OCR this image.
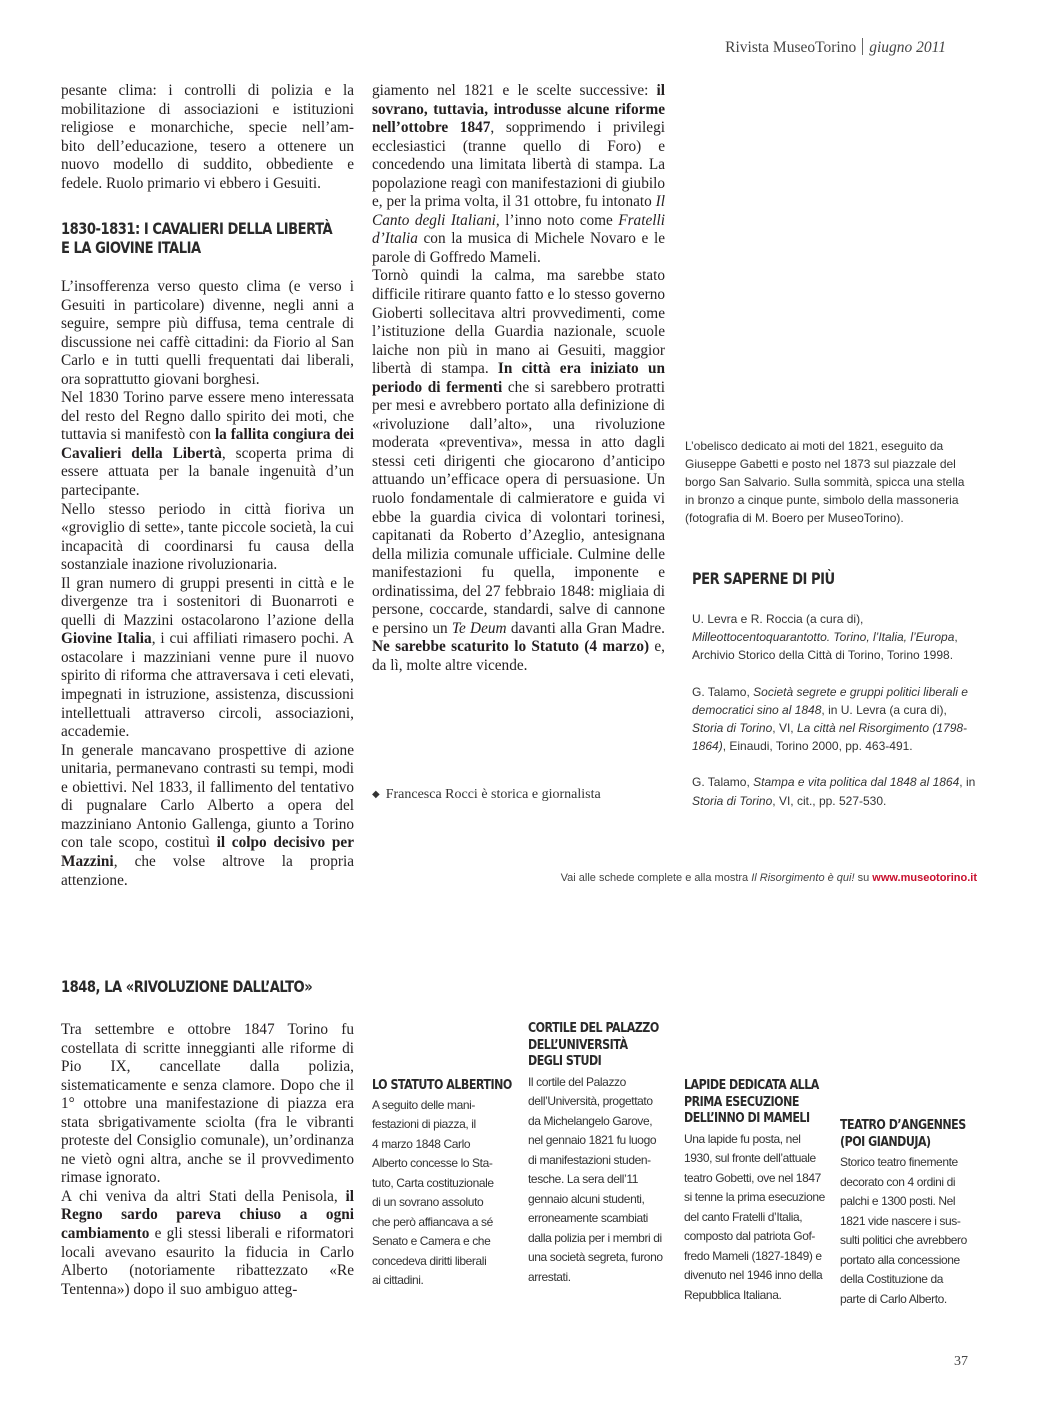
Rivista MuseoTorino giugno 2011

pesante clima: i controlli di polizia e la
mobilitazione di associazioni e istituzioni
religiose e monarchiche, specie nell’am-
bito dell’educazione, tesero a ottenere un
nuovo modello di suddito, obbediente e

fedele. Ruolo primario vi ebbero i Gesuiti.

1830-1831: I CAVALIERI DELLA LIBERTÀ
E LA GIOVINE ITALIA

L’insofferenza verso questo clima (e verso i Gesuiti in particolare) divenne, negli anni a seguire, sempre più diffusa, tema centrale di discussione nei caffè cittadini: da Fiorio al San Carlo e in tutti quelli frequentati dai liberali, ora soprattutto giovani borghesi.

Nel 1830 Torino parve essere meno interessata del resto del Regno dallo spirito dei moti, che tuttavia si manifestò con la fallita congiura dei Cavalieri della Libertà, scoperta prima di essere attuata per la banale ingenuità d’un partecipante.

Nello stesso periodo in città fioriva un «groviglio di sette», tante piccole società, la cui incapacità di coordinarsi fu causa della sostanziale inazione rivoluzionaria.

Il gran numero di gruppi presenti in città e le divergenze tra i sostenitori di Buonarroti e quelli di Mazzini ostacolarono l’azione della Giovine Italia, i cui affiliati rimasero pochi. A ostacolare i mazziniani venne pure il nuovo spirito di riforma che attraversava i ceti elevati, impegnati in istruzione, assistenza, discussioni intellettuali attraverso circoli, associazioni, accademie.

In generale mancavano prospettive di azione unitaria, permanevano contrasti su tempi, modi e obiettivi. Nel 1833, il fallimento del tentativo di pugnalare Carlo Alberto a opera del mazziniano Antonio Gallenga, giunto a Torino con tale scopo, costituì il colpo decisivo per Mazzini, che volse altrove la propria attenzione.

1848, LA «RIVOLUZIONE DALL’ALTO»

Tra settembre e ottobre 1847 Torino fu costellata di scritte inneggianti alle riforme di Pio IX, cancellate dalla polizia, sistematicamente e senza clamore. Dopo che il 1° ottobre una manifestazione di piazza era stata sbrigativamente sciolta (fra le vibranti proteste del Consiglio comunale), un’ordinanza ne vietò ogni altra, anche se il provvedimento rimase ignorato.

A chi veniva da altri Stati della Penisola, il Regno sardo pareva chiuso a ogni cambiamento e gli stessi liberali e riformatori locali avevano esaurito la fiducia in Carlo Alberto (notoriamente ribattezzato «Re Tentenna») dopo il suo ambiguo atteg-

giamento nel 1821 e le scelte successive: il sovrano, tuttavia, introdusse alcune riforme nell’ottobre 1847, sopprimendo i privilegi ecclesiastici (tranne quello di Foro) e concedendo una limitata libertà di stampa. La popolazione reagì con manifestazioni di giubilo e, per la prima volta, il 31 ottobre, fu intonato Il Canto degli Italiani, l’inno noto come Fratelli d’Italia con la musica di Michele Novaro e le parole di Goffredo Mameli.

Tornò quindi la calma, ma sarebbe stato difficile ritirare quanto fatto e lo stesso governo Gioberti sollecitava altri provvedimenti, come l’istituzione della Guardia nazionale, scuole laiche non più in mano ai Gesuiti, maggior libertà di stampa. In città era iniziato un periodo di fermenti che si sarebbero protratti per mesi e avrebbero portato alla definizione di «rivoluzione dall’alto», una rivoluzione moderata «preventiva», messa in atto dagli stessi ceti dirigenti che giocarono d’anticipo attuando un’efficace opera di persuasione. Un ruolo fondamentale di calmieratore e guida vi ebbe la guardia civica di volontari torinesi, capitanati da Roberto d’Azeglio, antesignana della milizia comunale ufficiale. Culmine delle manifestazioni fu quella, imponente e ordinatissima, del 27 febbraio 1848: migliaia di persone, coccarde, standardi, salve di cannone e persino un Te Deum davanti alla Gran Madre. Ne sarebbe scaturito lo Statuto (4 marzo) e, da lì, molte altre vicende.

◆ Francesca Rocci è storica e giornalista
L’obelisco dedicato ai moti del 1821, eseguito da
Giuseppe Gabetti e posto nel 1873 sul piazzale del
borgo San Salvario. Sulla sommità, spicca una stella
in bronzo a cinque punte, simbolo della massoneria
(fotografia di M. Boero per MuseoTorino).
PER SAPERNE DI PIÙ

U. Levra e R. Roccia (a cura di), Milleottocentoquarantotto. Torino, l’Italia, l’Europa, Archivio Storico della Città di Torino, Torino 1998.

G. Talamo, Società segrete e gruppi politici liberali e democratici sino al 1848, in U. Levra (a cura di), Storia di Torino, VI, La città nel Risorgimento (1798-1864), Einaudi, Torino 2000, pp. 463-491.

G. Talamo, Stampa e vita politica dal 1848 al 1864, in Storia di Torino, VI, cit., pp. 527-530.

Vai alle schede complete e alla mostra Il Risorgimento è qui! su www.museotorino.it
LO STATUTO ALBERTINO
A seguito delle mani-
festazioni di piazza, il
4 marzo 1848 Carlo
Alberto concesse lo Sta-
tuto, Carta costituzionale
di un sovrano assoluto
che però affiancava a sé
Senato e Camera e che
concedeva diritti liberali
ai cittadini.
CORTILE DEL PALAZZO
DELL’UNIVERSITÀ
DEGLI STUDI
Il cortile del Palazzo
dell’Università, progettato
da Michelangelo Garove,
nel gennaio 1821 fu luogo
di manifestazioni studen-
tesche. La sera dell’11
gennaio alcuni studenti,
erroneamente scambiati
dalla polizia per i membri di
una società segreta, furono
arrestati.
LAPIDE DEDICATA ALLA
PRIMA ESECUZIONE
DELL’INNO DI MAMELI
Una lapide fu posta, nel
1930, sul fronte dell’attuale
teatro Gobetti, ove nel 1847
si tenne la prima esecuzione
del canto Fratelli d’Italia,
composto dal patriota Gof-
fredo Mameli (1827-1849) e
divenuto nel 1946 inno della
Repubblica Italiana.
TEATRO D’ANGENNES
(POI GIANDUJA)
Storico teatro finemente
decorato con 4 ordini di
palchi e 1300 posti. Nel
1821 vide nascere i sus-
sulti politici che avrebbero
portato alla concessione
della Costituzione da
parte di Carlo Alberto.
37
